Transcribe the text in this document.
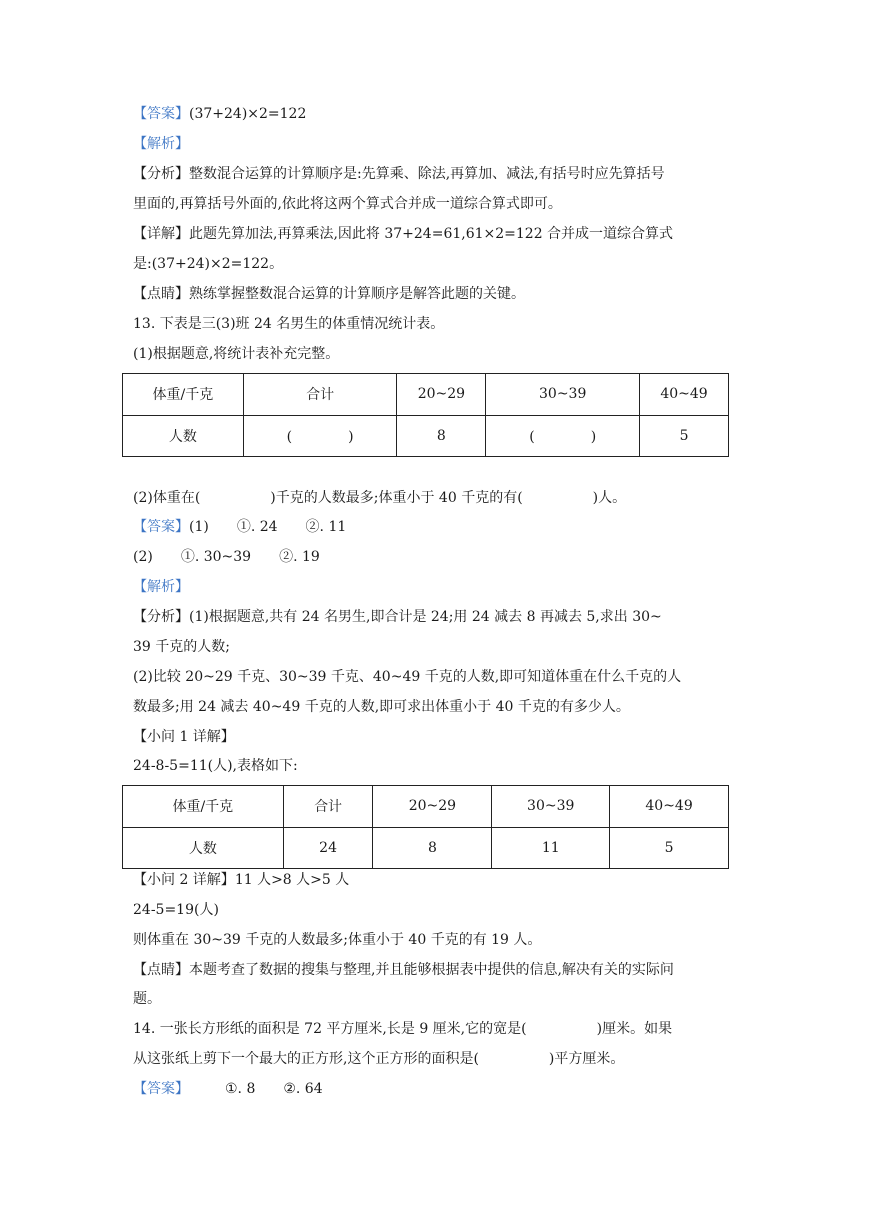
【答案】(37+24)×2=122
【解析】
【分析】整数混合运算的计算顺序是:先算乘、除法,再算加、减法,有括号时应先算括号
里面的,再算括号外面的,依此将这两个算式合并成一道综合算式即可。
【详解】此题先算加法,再算乘法,因此将 37+24=61,61×2=122 合并成一道综合算式
是:(37+24)×2=122。
【点睛】熟练掌握整数混合运算的计算顺序是解答此题的关键。
13. 下表是三(3)班 24 名男生的体重情况统计表。
(1)根据题意,将统计表补充完整。
体重/千克	合计	20~29	30~39	40~49
人数	(　　　　)	8	(　　　　)	5
(2)体重在(	)千克的人数最多;体重小于 40 千克的有(	)人。
【答案】(1)　　①. 24　　②. 11
(2)　　①. 30~39　　②. 19
【解析】
【分析】(1)根据题意,共有 24 名男生,即合计是 24;用 24 减去 8 再减去 5,求出 30~
39 千克的人数;
(2)比较 20~29 千克、30~39 千克、40~49 千克的人数,即可知道体重在什么千克的人
数最多;用 24 减去 40~49 千克的人数,即可求出体重小于 40 千克的有多少人。
【小问 1 详解】
24-8-5=11(人),表格如下:
体重/千克	合计	20~29	30~39	40~49
人数	24	8	11	5
【小问 2 详解】11 人>8 人>5 人
24-5=19(人)
则体重在 30~39 千克的人数最多;体重小于 40 千克的有 19 人。
【点睛】本题考查了数据的搜集与整理,并且能够根据表中提供的信息,解决有关的实际问
题。
14. 一张长方形纸的面积是 72 平方厘米,长是 9 厘米,它的宽是(	)厘米。如果
从这张纸上剪下一个最大的正方形,这个正方形的面积是(	)平方厘米。
【答案】	①. 8　　②. 64
